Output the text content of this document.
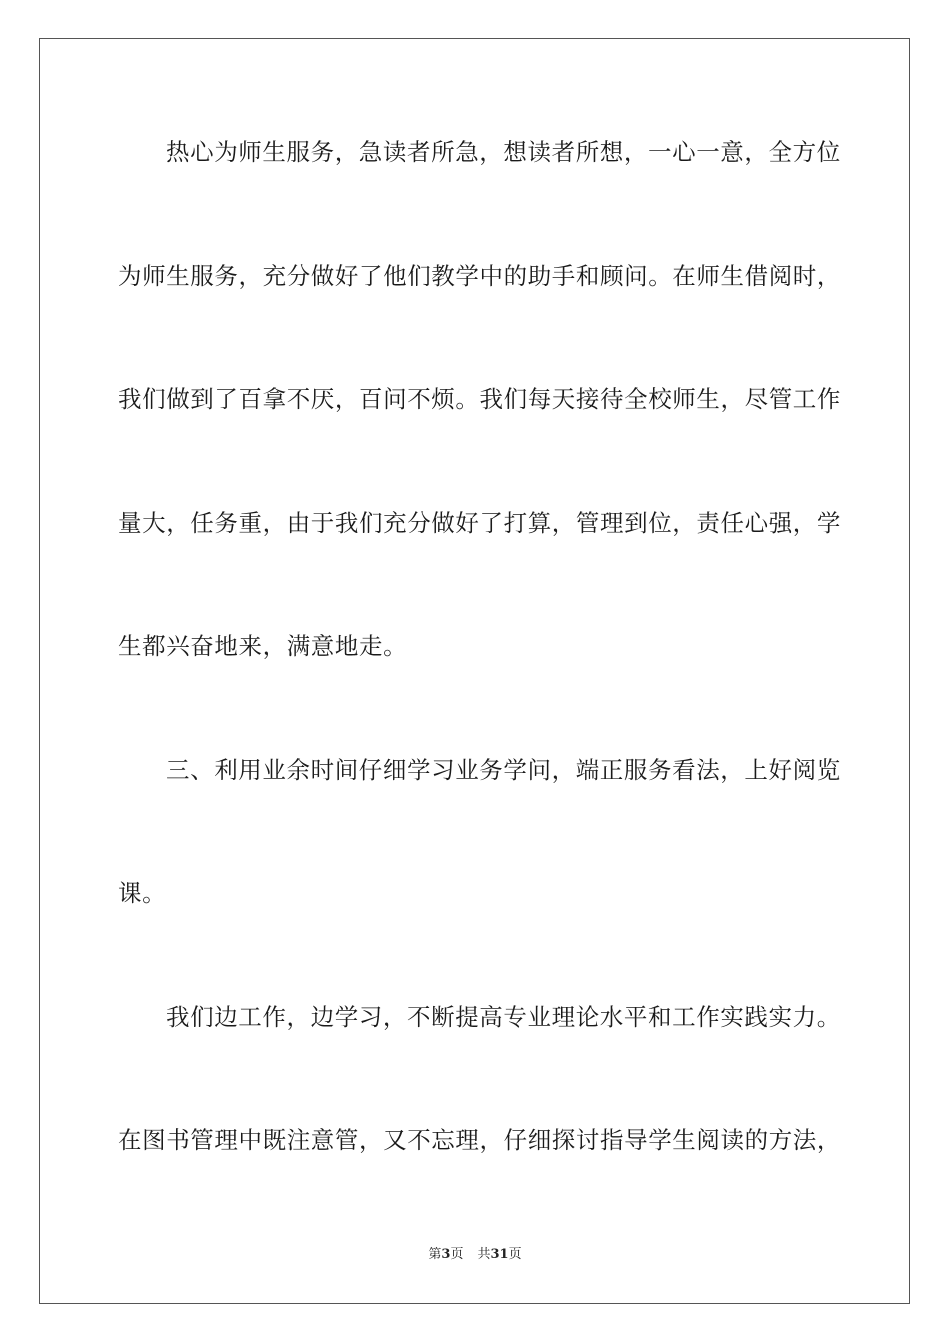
热心为师生服务，急读者所急，想读者所想，一心一意，全方位
为师生服务，充分做好了他们教学中的助手和顾问。在师生借阅时，
我们做到了百拿不厌，百问不烦。我们每天接待全校师生，尽管工作
量大，任务重，由于我们充分做好了打算，管理到位，责任心强，学
生都兴奋地来，满意地走。
三、利用业余时间仔细学习业务学问，端正服务看法，上好阅览
课。
我们边工作，边学习，不断提高专业理论水平和工作实践实力。
在图书管理中既注意管，又不忘理，仔细探讨指导学生阅读的方法，
第3页 共31页
